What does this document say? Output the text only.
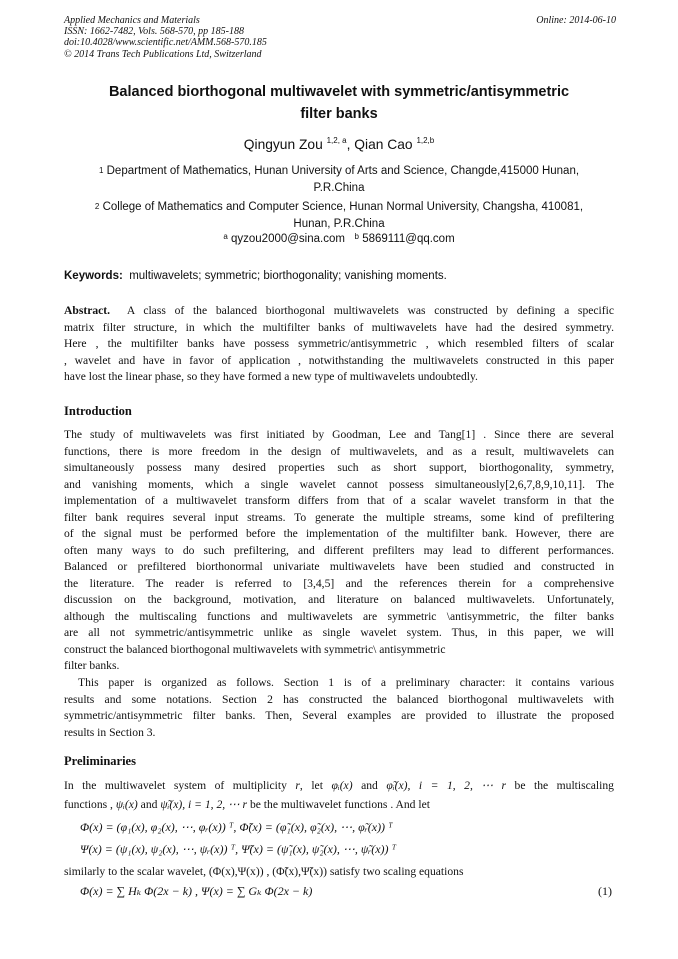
Applied Mechanics and Materials
ISSN: 1662-7482, Vols. 568-570, pp 185-188
doi:10.4028/www.scientific.net/AMM.568-570.185
© 2014 Trans Tech Publications Ltd, Switzerland
Online: 2014-06-10
Balanced biorthogonal multiwavelet with symmetric/antisymmetric
filter banks
Qingyun Zou $^{1,2, a}$, Qian Cao $^{1,2,b}$
$^1$ Department of Mathematics, Hunan University of Arts and Science, Changde,415000 Hunan,
P.R.China
$^2$ College of Mathematics and Computer Science, Hunan Normal University, Changsha, 410081,
Hunan, P.R.China
$^a$ qyzou2000@sina.com $^b$ 5869111@qq.com
Keywords: multiwavelets; symmetric; biorthogonality; vanishing moments.
Abstract. A class of the balanced biorthogonal multiwavelets was constructed by defining a specific
matrix filter structure, in which the multifilter banks of multiwavelets have had the desired symmetry.
Here , the multifilter banks have possess symmetric/antisymmetric , which resembled filters of scalar
, wavelet and have in favor of application , notwithstanding the multiwavelets constructed in this paper
have lost the linear phase, so they have formed a new type of multiwavelets undoubtedly.
Introduction
The study of multiwavelets was first initiated by Goodman, Lee and Tang[1] . Since there are several
functions, there is more freedom in the design of multiwavelets, and as a result, multiwavelets can
simultaneously possess many desired properties such as short support, biorthogonality, symmetry,
and vanishing moments, which a single wavelet cannot possess simultaneously[2,6,7,8,9,10,11]. The
implementation of a multiwavelet transform differs from that of a scalar wavelet transform in that the
filter bank requires several input streams. To generate the multiple streams, some kind of prefiltering
of the signal must be performed before the implementation of the multifilter bank. However, there are
often many ways to do such prefiltering, and different prefilters may lead to different performances.
Balanced or prefiltered biorthonormal univariate multiwavelets have been studied and constructed in
the literature. The reader is referred to [3,4,5] and the references therein for a comprehensive
discussion on the background, motivation, and literature on balanced multiwavelets. Unfortunately,
although the multiscaling functions and multiwavelets are symmetric \antisymmetric, the filter banks
are all not symmetric/antisymmetric unlike as single wavelet system. Thus, in this paper, we will
construct the balanced biorthogonal multiwavelets with symmetric\ antisymmetric
filter banks.
This paper is organized as follows. Section 1 is of a preliminary character: it contains various
results and some notations. Section 2 has constructed the balanced biorthogonal multiwavelets with
symmetric/antisymmetric filter banks. Then, Several examples are provided to illustrate the proposed
results in Section 3.
Preliminaries
In the multiwavelet system of multiplicity r, let φᵢ(x) and φ̃ᵢ(x), i = 1, 2, ⋯ r be the multiscaling
functions , ψᵢ(x) and ψ̃ᵢ(x), i = 1, 2, ⋯ r be the multiwavelet functions . And let
Φ(x) = (φ₁(x), φ₂(x), ⋯, φᵣ(x)) ᵀ, Φ̃(x) = (φ̃₁(x), φ̃₂(x), ⋯, φ̃ᵣ(x)) ᵀ
Ψ(x) = (ψ₁(x), ψ₂(x), ⋯, ψᵣ(x)) ᵀ, Ψ̃(x) = (ψ̃₁(x), ψ̃₂(x), ⋯, ψ̃ᵣ(x)) ᵀ
similarly to the scalar wavelet, (Φ(x),Ψ(x)) , (Φ̃(x),Ψ̃(x)) satisfy two scaling equations
Φ(x) = ∑ Hₖ Φ(2x − k) , Ψ(x) = ∑ Gₖ Φ(2x − k)	(1)
